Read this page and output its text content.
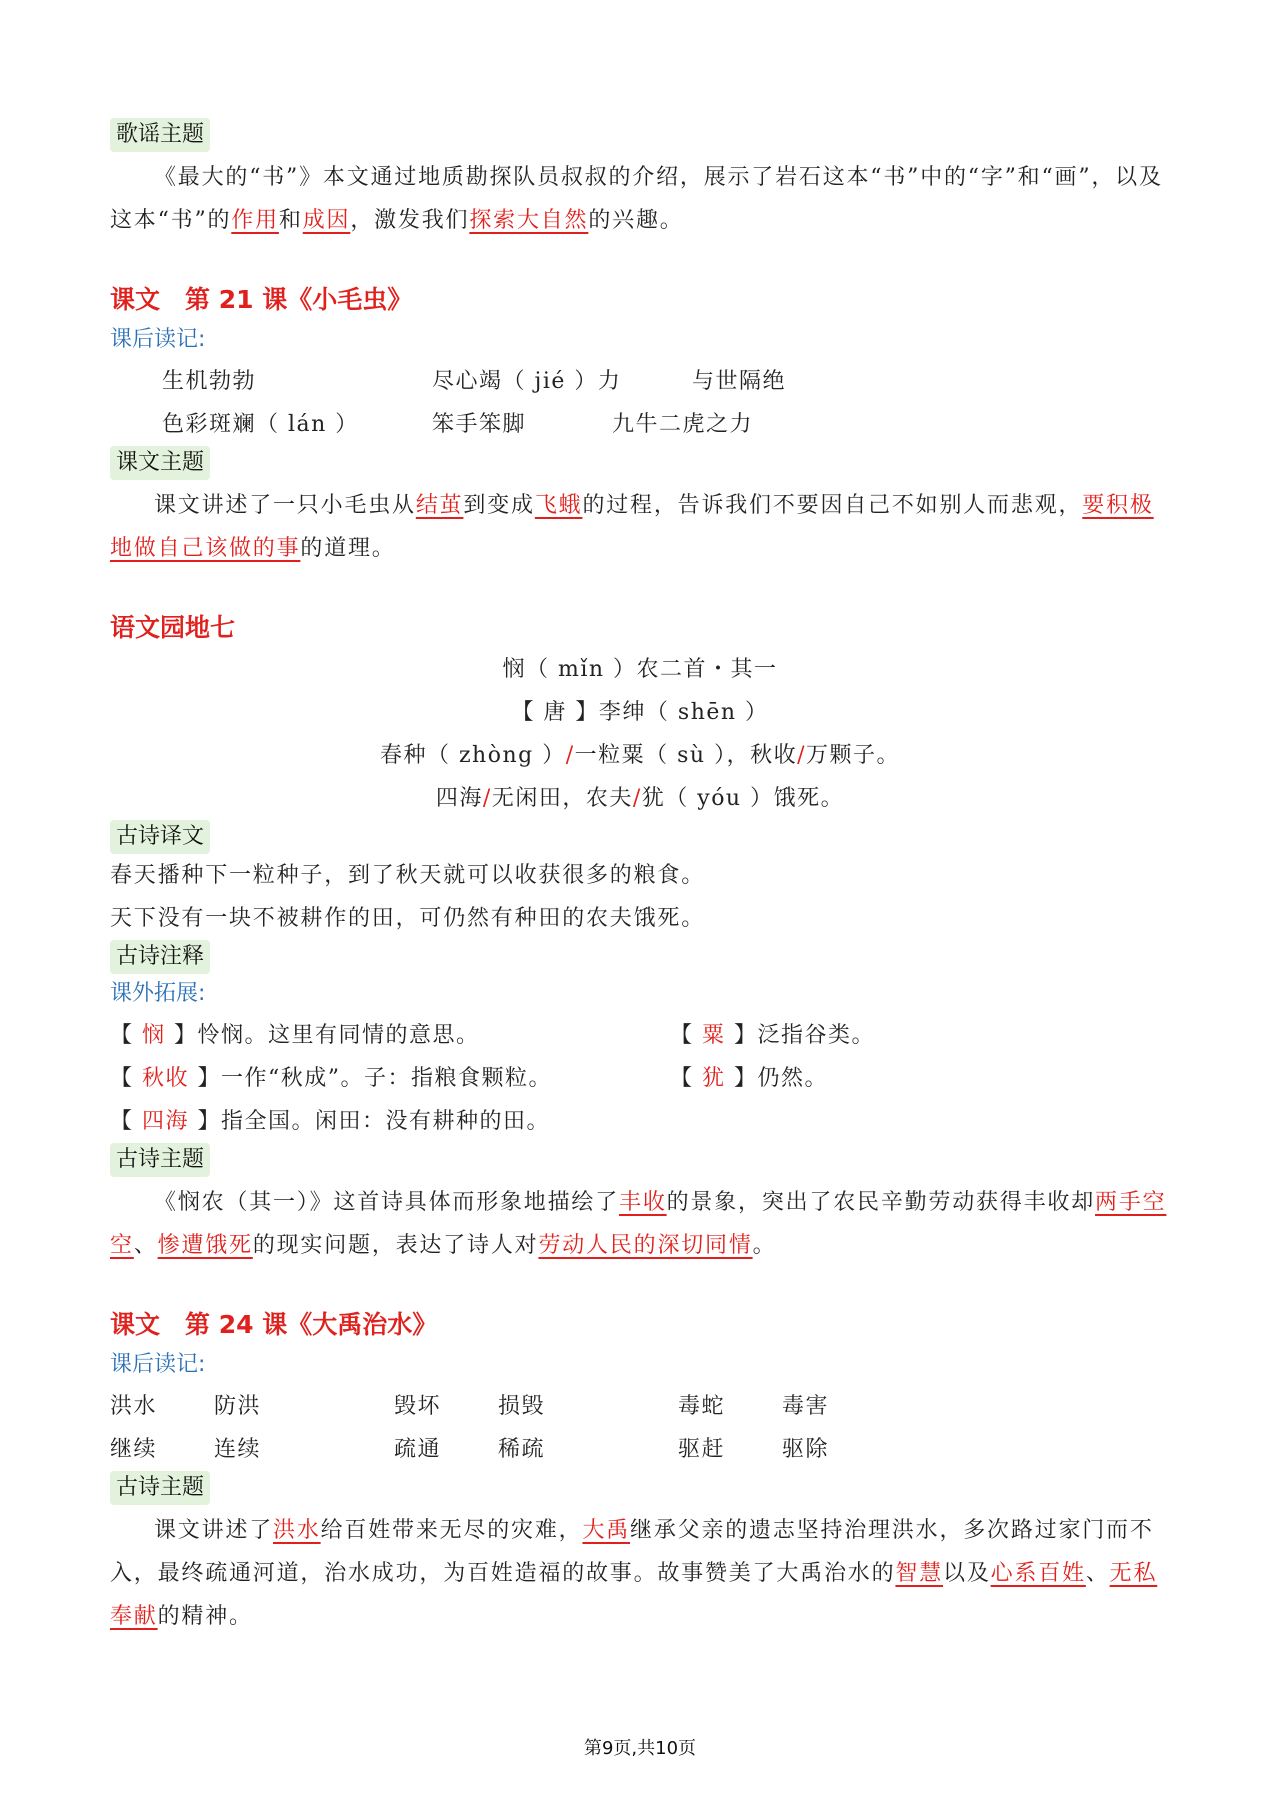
歌谣主题

《最大的“书”》本文通过地质勘探队员叔叔的介绍，展示了岩石这本“书”中的“字”和“画”，以及这本“书”的作用和成因，激发我们探索大自然的兴趣。

课文　第 21 课《小毛虫》

课后读记:

生机勃勃	尽心竭（ jié ）力	与世隔绝
色彩斑斓（ lán ）	笨手笨脚	九牛二虎之力
课文主题

课文讲述了一只小毛虫从结茧到变成飞蛾的过程，告诉我们不要因自己不如别人而悲观，要积极地做自己该做的事的道理。

语文园地七

悯（ mǐn ）农二首・其一
【 唐 】李绅（ shēn ）
春种（ zhòng ）/一粒粟（ sù ），秋收/万颗子。
四海/无闲田，农夫/犹（ yóu ）饿死。
古诗译文

春天播种下一粒种子，到了秋天就可以收获很多的粮食。

天下没有一块不被耕作的田，可仍然有种田的农夫饿死。

古诗注释

课外拓展:

【 悯 】怜悯。这里有同情的意思。	【 粟 】泛指谷类。
【 秋收 】一作“秋成”。子：指粮食颗粒。	【 犹 】仍然。
【 四海 】指全国。闲田：没有耕种的田。
古诗主题

《悯农（其一）》这首诗具体而形象地描绘了丰收的景象，突出了农民辛勤劳动获得丰收却两手空空、惨遭饿死的现实问题，表达了诗人对劳动人民的深切同情。

课文　第 24 课《大禹治水》

课后读记:

洪水	防洪	毁坏	损毁	毒蛇	毒害
继续	连续	疏通	稀疏	驱赶	驱除
古诗主题

课文讲述了洪水给百姓带来无尽的灾难，大禹继承父亲的遗志坚持治理洪水，多次路过家门而不入，最终疏通河道，治水成功，为百姓造福的故事。故事赞美了大禹治水的智慧以及心系百姓、无私奉献的精神。

第9页,共10页
